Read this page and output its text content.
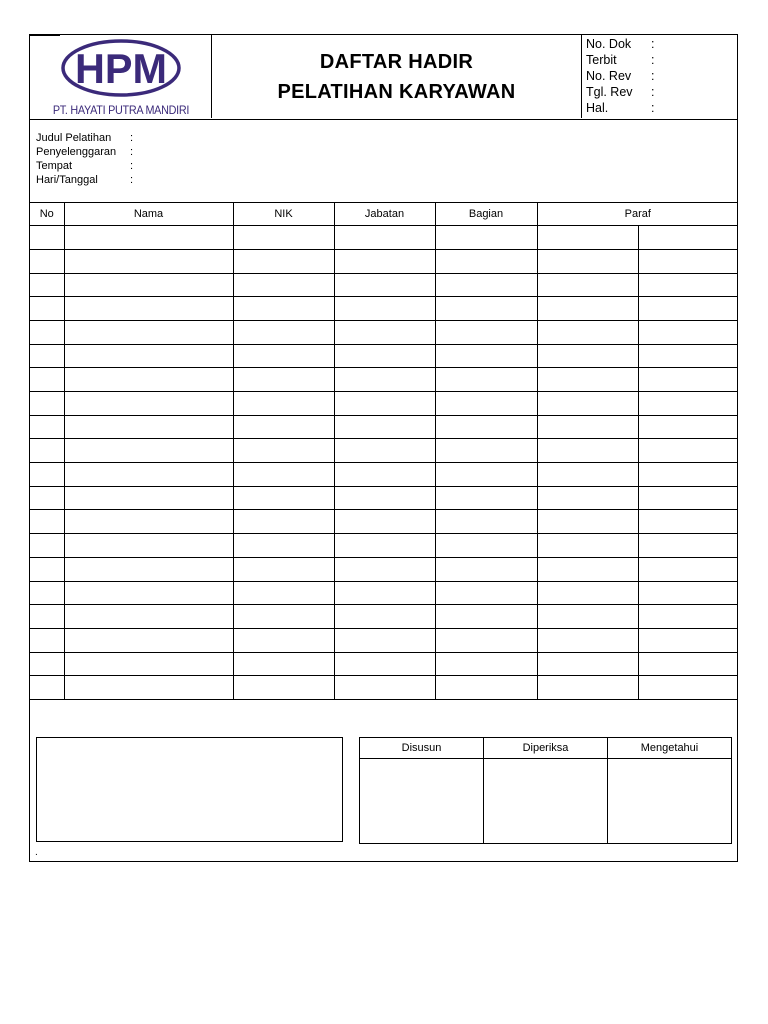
HPM
PT. HAYATI PUTRA MANDIRI
DAFTAR HADIR
PELATIHAN KARYAWAN
No. Dok	:
Terbit	:
No. Rev	:
Tgl. Rev	:
Hal.	:
Judul Pelatihan	:
Penyelenggaran	:
Tempat	:
Hari/Tanggal	:
No	Nama	NIK	Jabatan	Bagian	Paraf	

Disusun	Diperiksa	Mengetahui

.
